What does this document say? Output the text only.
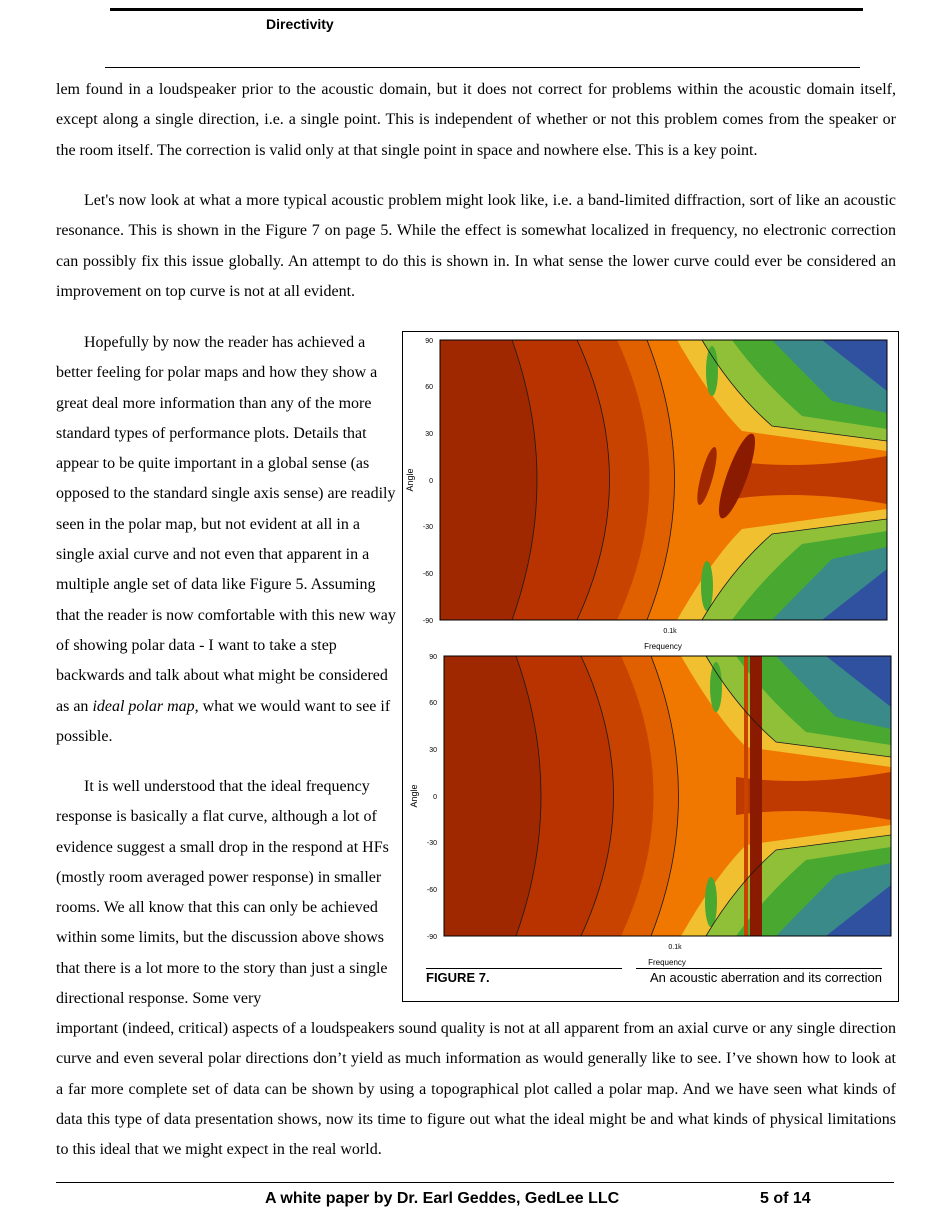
Directivity

lem found in a loudspeaker prior to the acoustic domain, but it does not correct for problems within the acoustic domain itself, except along a single direction, i.e. a single point. This is independent of whether or not this problem comes from the speaker or the room itself. The correction is valid only at that single point in space and nowhere else. This is a key point.

Let's now look at what a more typical acoustic problem might look like, i.e. a band-limited diffraction, sort of like an acoustic resonance. This is shown in the Figure 7 on page 5. While the effect is somewhat localized in frequency, no electronic correction can possibly fix this issue globally. An attempt to do this is shown in. In what sense the lower curve could ever be considered an improvement on top curve is not at all evident.

Hopefully by now the reader has achieved a better feeling for polar maps and how they show a great deal more information than any of the more standard types of performance plots. Details that appear to be quite important in a global sense (as opposed to the standard single axis sense) are readily seen in the polar map, but not evident at all in a single axial curve and not even that apparent in a multiple angle set of data like Figure 5. Assuming that the reader is now comfortable with this new way of showing polar data - I want to take a step backwards and talk about what might be considered as an ideal polar map, what we would want to see if possible.

It is well understood that the ideal frequency response is basically a flat curve, although a lot of evidence suggest a small drop in the respond at HFs (mostly room averaged power response) in smaller rooms. We all know that this can only be achieved within some limits, but the discussion above shows that there is a lot more to the story than just a single directional response. Some very

important (indeed, critical) aspects of a loudspeakers sound quality is not at all apparent from an axial curve or any single direction curve and even several polar directions don’t yield as much information as would generally like to see. I’ve shown how to look at a far more complete set of data can be shown by using a topographical plot called a polar map. And we have seen what kinds of data this type of data presentation shows, now its time to figure out what the ideal might be and what kinds of physical limitations to this ideal that we might expect in the real world.

90
60
30
0
-30
-60
-90
Angle
0.1k
Frequency
90
60
30
0
-30
-60
-90
Angle
0.1k
Frequency
FIGURE 7.	An acoustic aberration and its correction
A white paper by Dr. Earl Geddes, GedLee LLC	5 of 14
